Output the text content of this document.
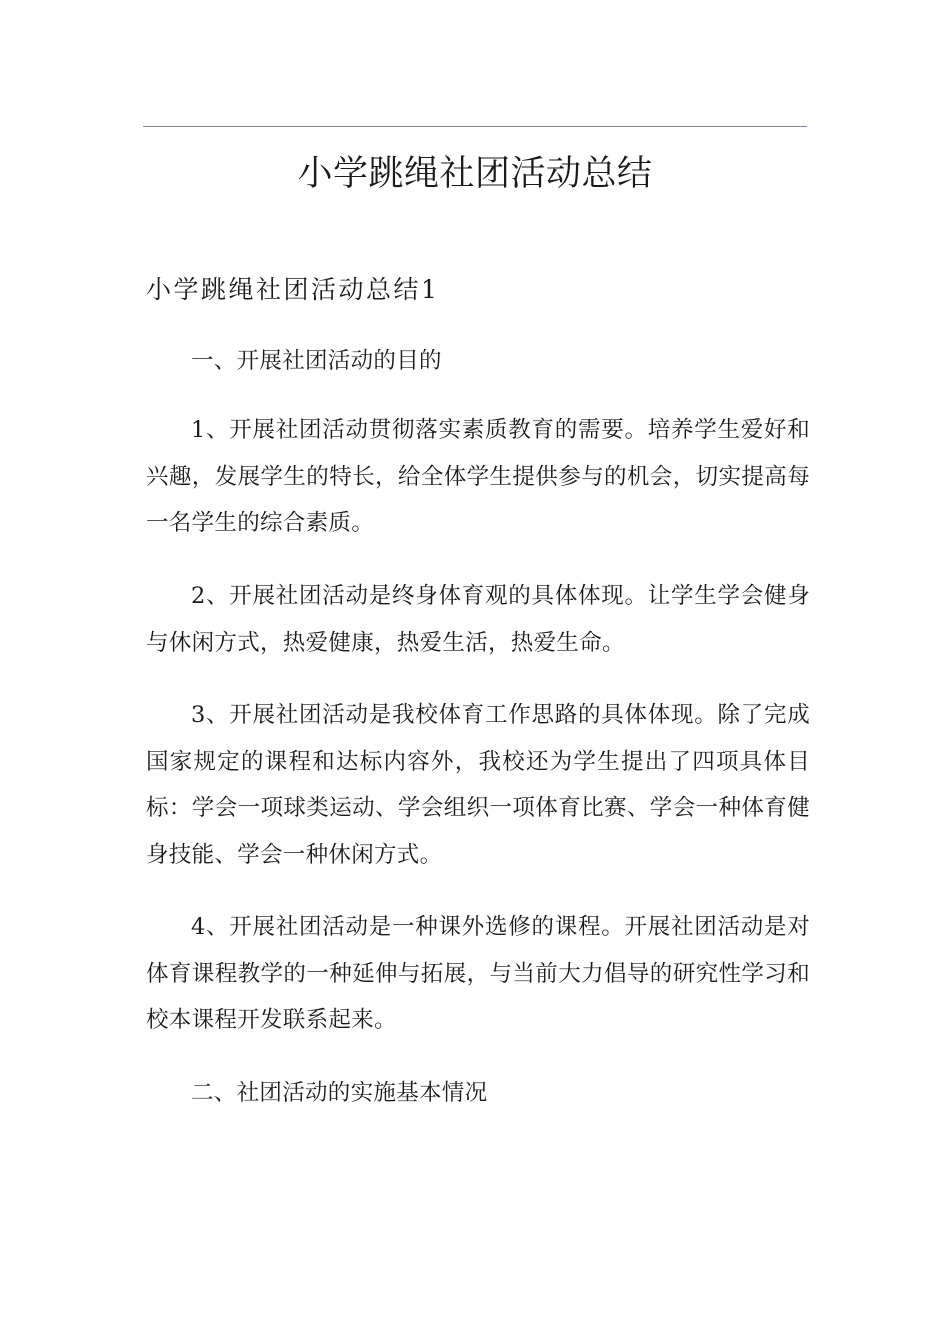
小学跳绳社团活动总结
小学跳绳社团活动总结1

一、开展社团活动的目的

1、开展社团活动贯彻落实素质教育的需要。培养学生爱好和兴趣，发展学生的特长，给全体学生提供参与的机会，切实提高每一名学生的综合素质。

2、开展社团活动是终身体育观的具体体现。让学生学会健身与休闲方式，热爱健康，热爱生活，热爱生命。

3、开展社团活动是我校体育工作思路的具体体现。除了完成国家规定的课程和达标内容外，我校还为学生提出了四项具体目标：学会一项球类运动、学会组织一项体育比赛、学会一种体育健身技能、学会一种休闲方式。

4、开展社团活动是一种课外选修的课程。开展社团活动是对体育课程教学的一种延伸与拓展，与当前大力倡导的研究性学习和校本课程开发联系起来。

二、社团活动的实施基本情况
